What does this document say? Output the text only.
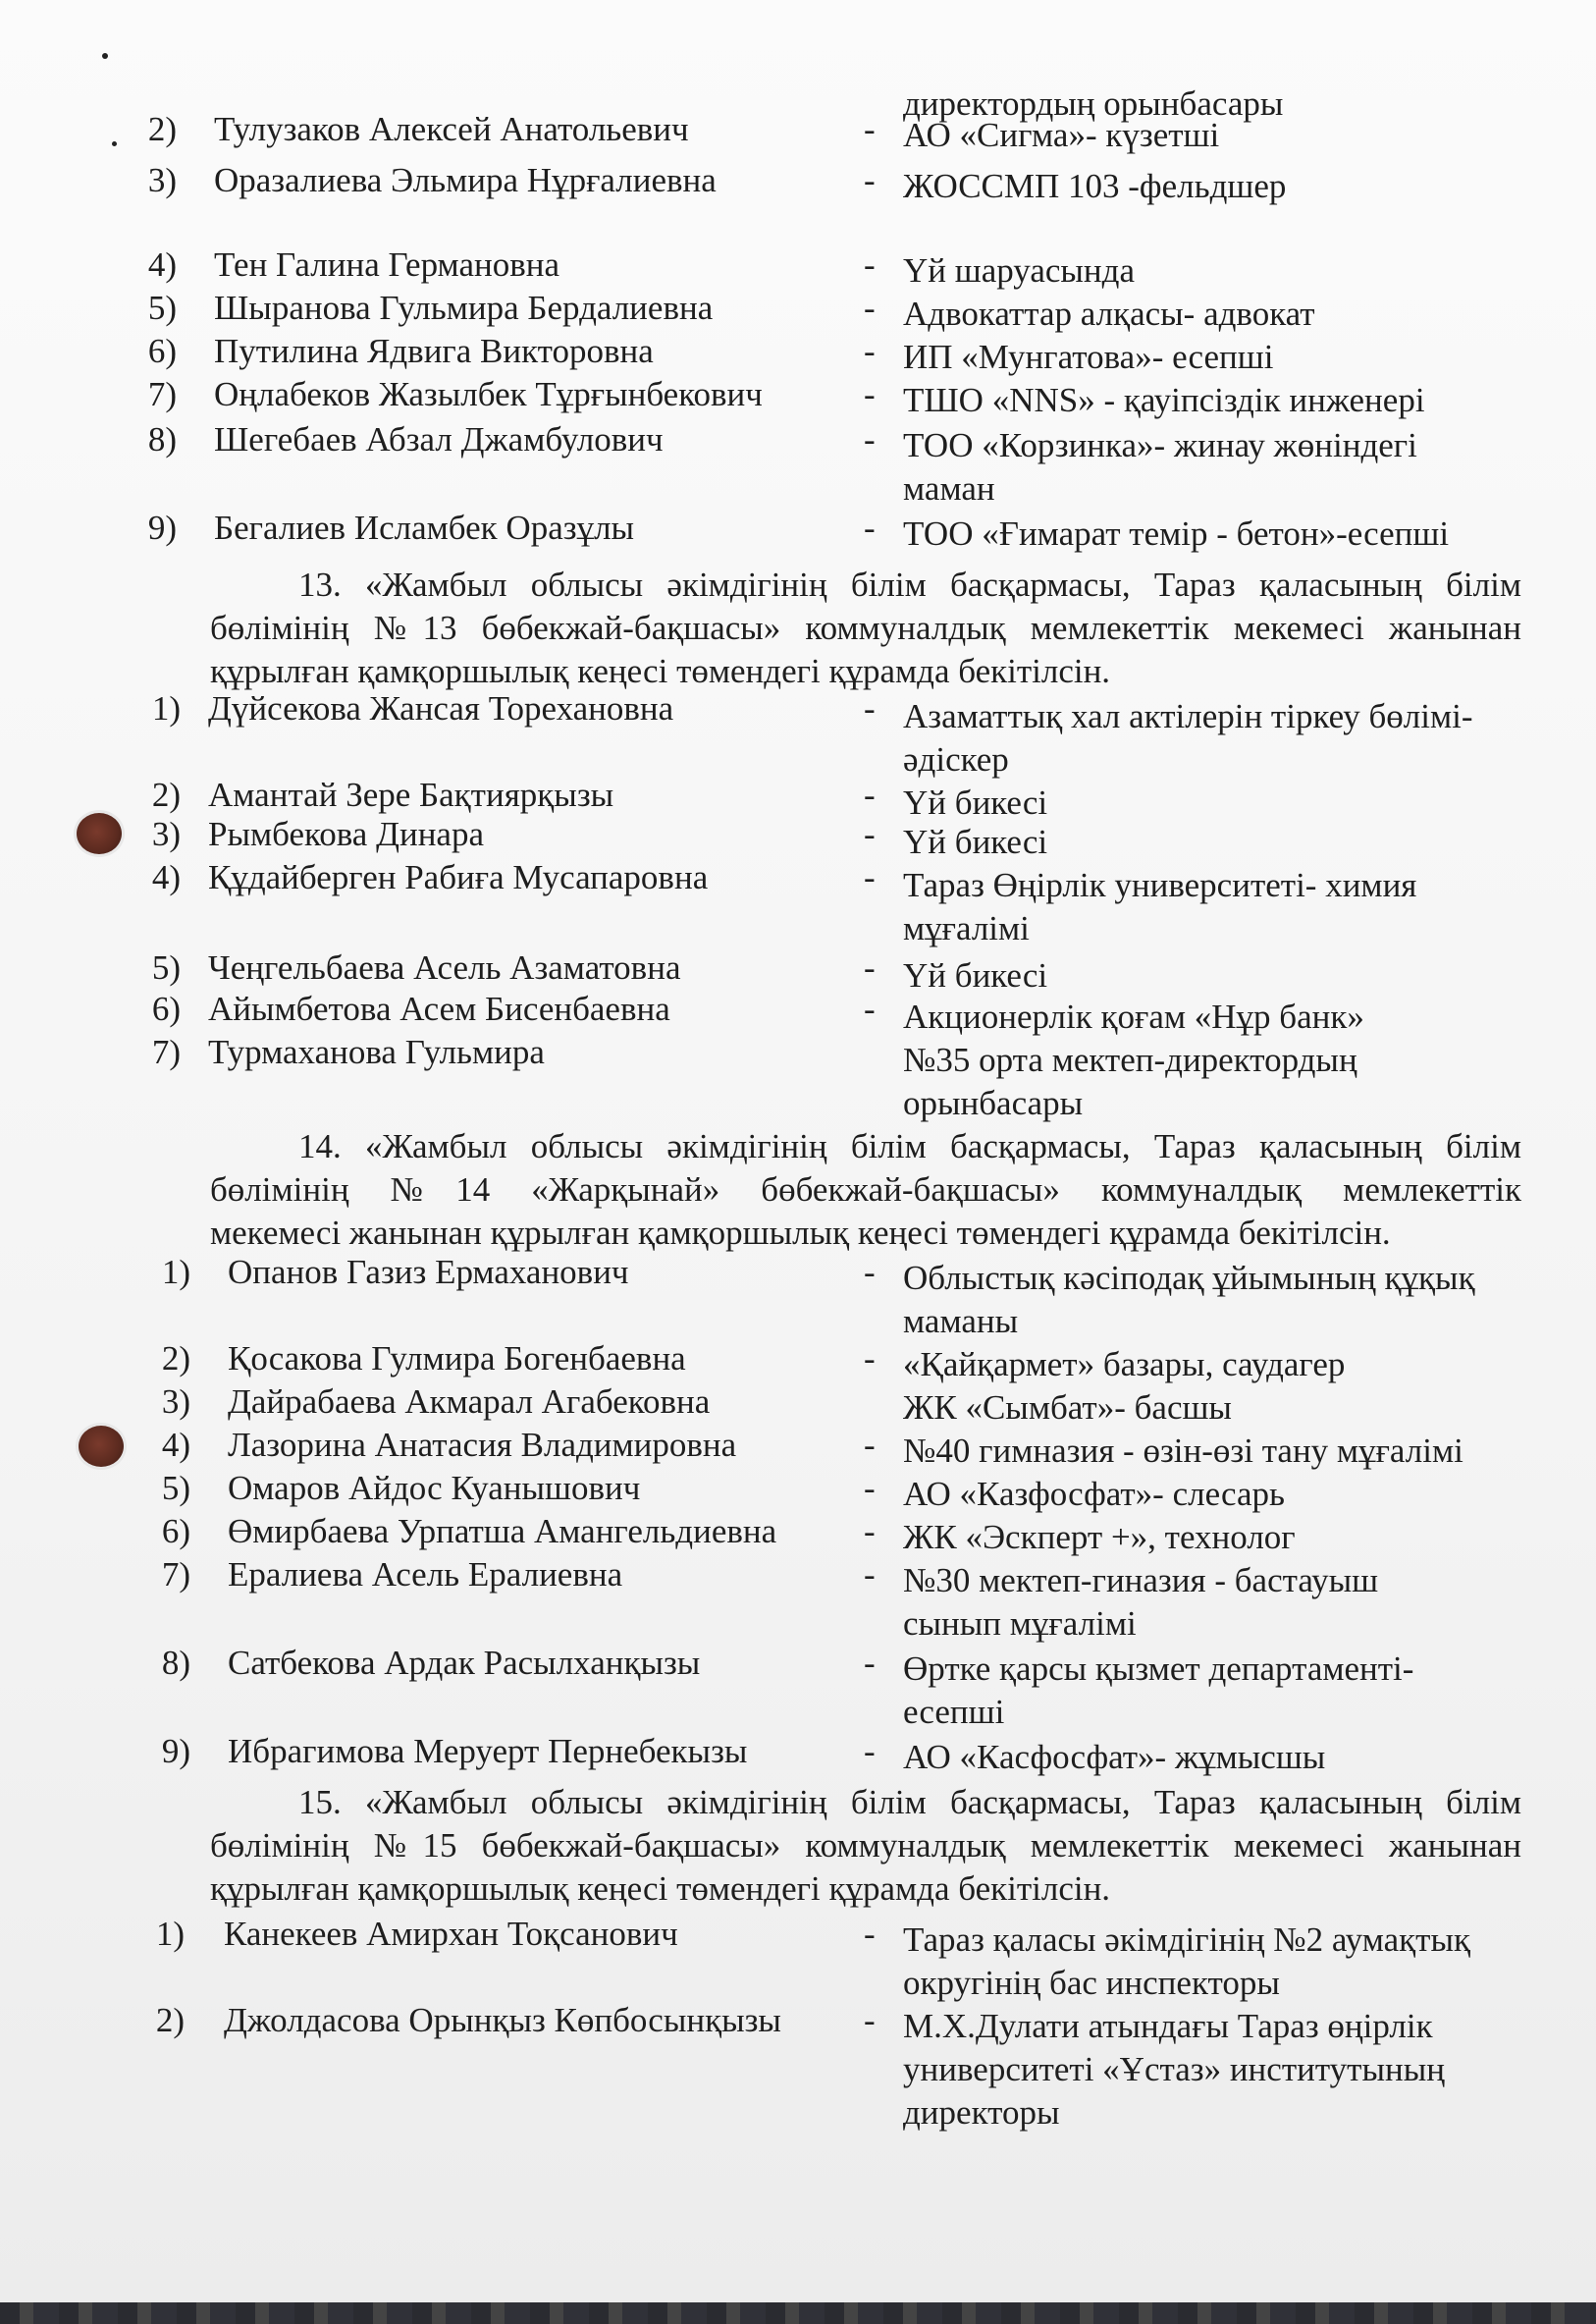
директордың орынбасары
2) Тулузаков Алексей Анатольевич	- АО «Сигма»- күзетші
3) Оразалиева Эльмира Нұрғалиевна	- ЖОССМП 103 -фельдшер
4) Тен Галина Германовна	- Үй шаруасында
5) Шыранова Гульмира Бердалиевна	- Адвокаттар алқасы- адвокат
6) Путилина Ядвига Викторовна	- ИП «Мунгатова»- есепші
7) Оңлабеков Жазылбек Тұрғынбекович	- ТШО «NNS» - қауіпсіздік инженері
8) Шегебаев Абзал Джамбулович	- ТОО «Корзинка»- жинау жөніндегі
маман
9) Бегалиев Исламбек Оразұлы	- ТОО «Ғимарат темір - бетон»-есепші
13. «Жамбыл облысы әкімдігінің білім басқармасы, Тараз қаласының білім
бөлімінің №13 бөбекжай-бақшасы» коммуналдық мемлекеттік мекемесі жанынан
құрылған қамқоршылық кеңесі төмендегі құрамда бекітілсін.
1) Дүйсекова Жансая Торехановна	- Азаматтық хал актілерін тіркеу бөлімі-
әдіскер
2) Амантай Зере Бақтиярқызы	- Үй бикесі
3) Рымбекова Динара	- Үй бикесі
4) Құдайберген Рабиға Мусапаровна	- Тараз Өңірлік университеті- химия
мұғалімі
5) Чеңгельбаева Асель Азаматовна	- Үй бикесі
6) Айымбетова Асем Бисенбаевна	- Акционерлік қоғам «Нұр банк»
7) Турмаханова Гульмира	№35 орта мектеп-директордың
орынбасары
14. «Жамбыл облысы әкімдігінің білім басқармасы, Тараз қаласының білім
бөлімінің №14 «Жарқынай» бөбекжай-бақшасы» коммуналдық мемлекеттік
мекемесі жанынан құрылған қамқоршылық кеңесі төмендегі құрамда бекітілсін.
1) Опанов Газиз Ермаханович	- Облыстық кәсіподақ ұйымының құқық
маманы
2) Қосакова Гулмира Богенбаевна	- «Қайқармет» базары, саудагер
3) Дайрабаева Акмарал Агабековна	ЖК «Сымбат»- басшы
4) Лазорина Анатасия Владимировна	- №40 гимназия - өзін-өзі тану мұғалімі
5) Омаров Айдос Куанышович	- АО «Казфосфат»- слесарь
6) Өмирбаева Урпатша Амангельдиевна	- ЖК «Эскперт +», технолог
7) Ералиева Асель Ералиевна	- №30 мектеп-гиназия - бастауыш
сынып мұғалімі
8) Сатбекова Ардак Расылханқызы	- Өртке қарсы қызмет департаменті-
есепші
9) Ибрагимова Меруерт Пернебекызы	- АО «Касфосфат»- жұмысшы
15. «Жамбыл облысы әкімдігінің білім басқармасы, Тараз қаласының білім
бөлімінің №15 бөбекжай-бақшасы» коммуналдық мемлекеттік мекемесі жанынан
құрылған қамқоршылық кеңесі төмендегі құрамда бекітілсін.
1) Канекеев Амирхан Тоқсанович	- Тараз қаласы әкімдігінің №2 аумақтық
округінің бас инспекторы
2) Джолдасова Орынқыз Көпбосынқызы - М.Х.Дулати атындағы Тараз өңірлік
университеті «Ұстаз» институтының
директоры
